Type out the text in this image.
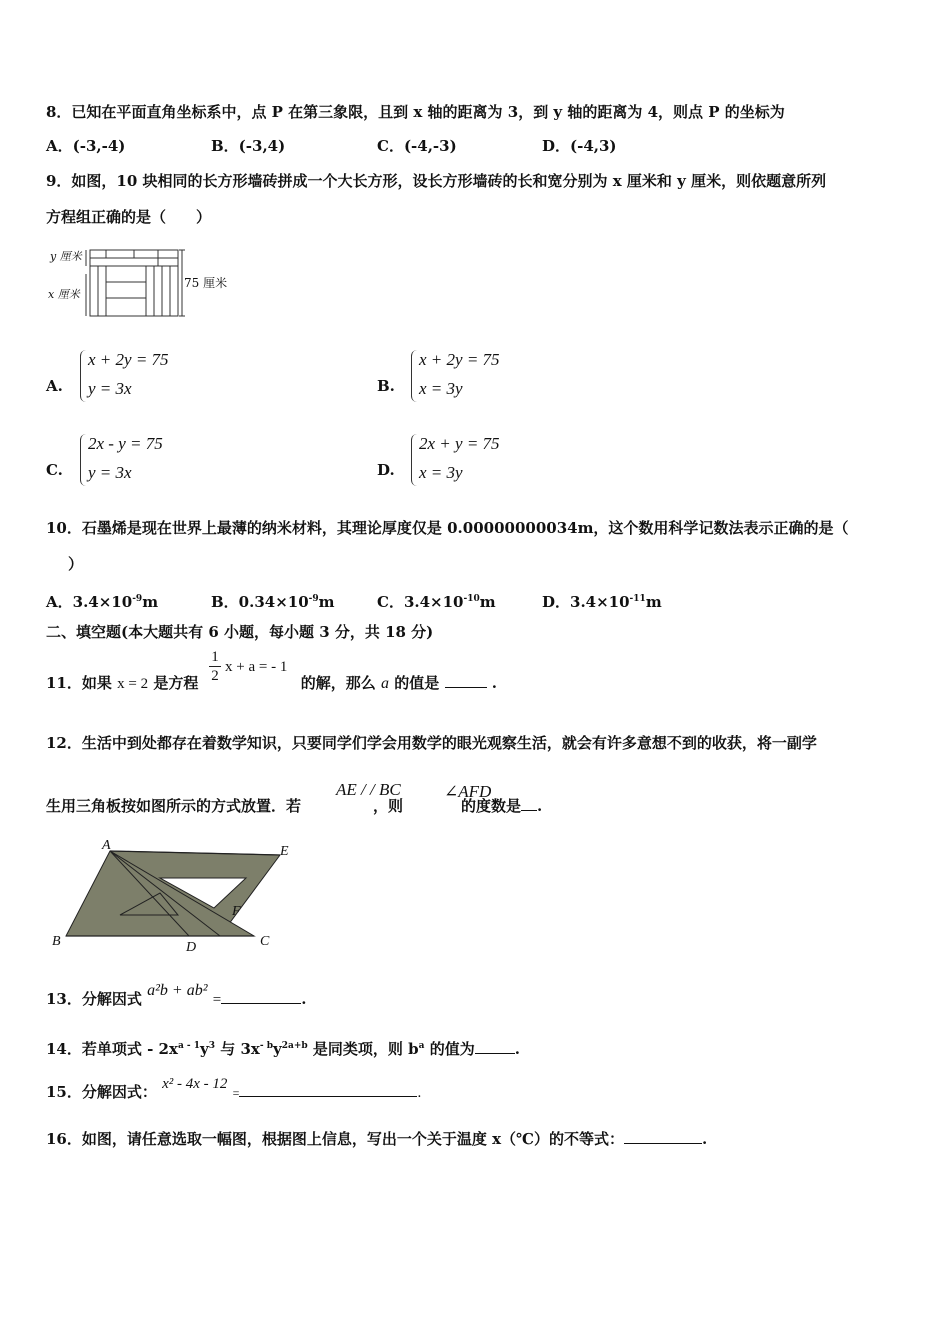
8．已知在平面直角坐标系中，点 P 在第三象限，且到 x 轴的距离为 3，到 y 轴的距离为 4，则点 P 的坐标为
A．(-3,-4)	B．(-3,4)	C．(-4,-3)	D．(-4,3)
9．如图，10 块相同的长方形墙砖拼成一个大长方形，设长方形墙砖的长和宽分别为 x 厘米和 y 厘米，则依题意所列
方程组正确的是（　　）
y 厘米
x 厘米
75 厘米
A.
x + 2y = 75
y = 3x	B.
x + 2y = 75
x = 3y
C.
2x - y = 75
y = 3x	D.
2x + y = 75
x = 3y
10．石墨烯是现在世界上最薄的纳米材料，其理论厚度仅是 0.00000000034m，这个数用科学记数法表示正确的是（
）
A．$3.4\times 10^{-9}m$	B．$0.34\times 10^{-9}m$	C．$3.4\times 10^{-10}m$	D．$3.4\times 10^{-11}m$
二、填空题(本大题共有 6 小题，每小题 3 分，共 18 分)
11．如果 x = 2 是方程	的解，那么 a 的值是	.
$\frac{1}{2}$ x + a = - 1
12．生活中到处都存在着数学知识，只要同学们学会用数学的眼光观察生活，就会有许多意想不到的收获，将一副学
生用三角板按如图所示的方式放置．若	，则	的度数是 .
AE / / BC	∠AFD
A	E
B	D	C
F
13．分解因式 a²b + ab² =	.
14．若单项式 - $2x^{a - 1}y^3$ 与 $3x^{- b}y^{2a+b}$ 是同类项，则 $b^a$ 的值为	.
15．分解因式： x² - 4x - 12 =	.
16．如图，请任意选取一幅图，根据图上信息，写出一个关于温度 x（℃）的不等式：	.
